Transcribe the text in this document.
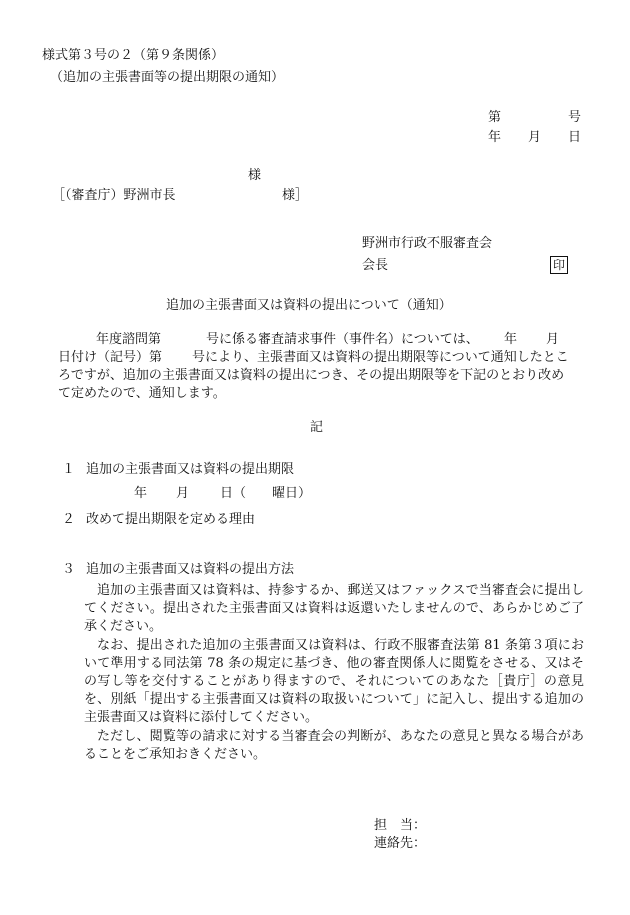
様式第３号の２（第９条関係）
（追加の主張書面等の提出期限の通知）
第	号
年 月 日
様
［（審査庁）野洲市長	様］
野洲市行政不服審査会
会長	印
追加の主張書面又は資料の提出について（通知）
年度諮問第	号に係る審査請求事件（事件名）については、 年 月
日付け（記号）第 号により、主張書面又は資料の提出期限等について通知したとこ
ろですが、追加の主張書面又は資料の提出につき、その提出期限等を下記のとおり改め
て定めたので、通知します。
記
１ 追加の主張書面又は資料の提出期限
年 月 日（ 曜日）
２ 改めて提出期限を定める理由
３ 追加の主張書面又は資料の提出方法
追加の主張書面又は資料は、持参するか、郵送又はファックスで当審査会に提出してください。提出された主張書面又は資料は返還いたしませんので、あらかじめご了承ください。
なお、提出された追加の主張書面又は資料は、行政不服審査法第 81 条第３項において準用する同法第 78 条の規定に基づき、他の審査関係人に閲覧をさせる、又はその写し等を交付することがあり得ますので、それについてのあなた［貴庁］の意見を、別紙「提出する主張書面又は資料の取扱いについて」に記入し、提出する追加の主張書面又は資料に添付してください。
ただし、閲覧等の請求に対する当審査会の判断が、あなたの意見と異なる場合があることをご承知おきください。
担　当：
連絡先：
